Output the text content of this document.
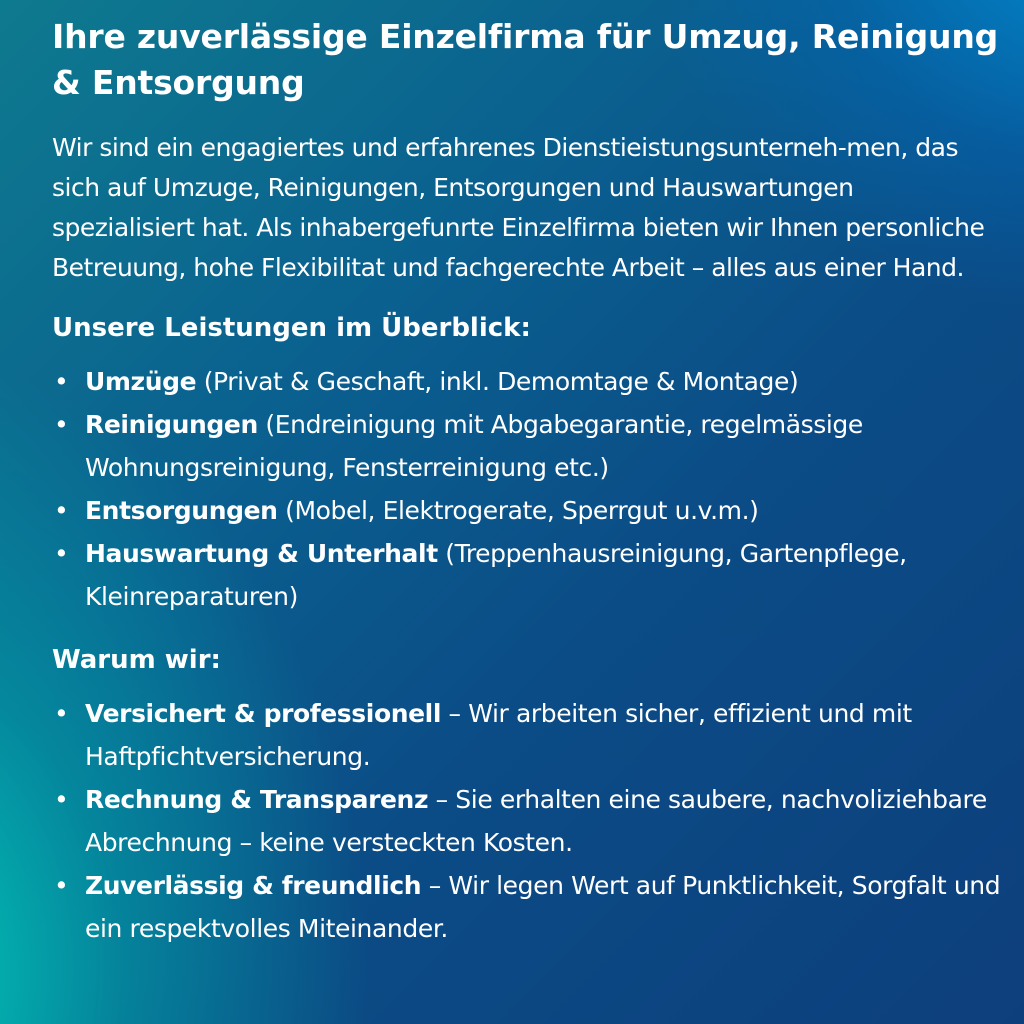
Ihre zuverlässige Einzelfirma für Umzug, Reinigung & Entsorgung

Wir sind ein engagiertes und erfahrenes Dienstieistungsunterneh-men, das sich auf Umzuge, Reinigungen, Entsorgungen und Hauswartungen spezialisiert hat. Als inhabergefunrte Einzelfirma bieten wir Ihnen personliche Betreuung, hohe Flexibilitat und fachgerechte Arbeit – alles aus einer Hand.

Unsere Leistungen im Überblick:
• Umzüge (Privat & Geschaft, inkl. Demomtage & Montage)
• Reinigungen (Endreinigung mit Abgabegarantie, regelmässige Wohnungsreinigung, Fensterreinigung etc.)
• Entsorgungen (Mobel, Elektrogerate, Sperrgut u.v.m.)
• Hauswartung & Unterhalt (Treppenhausreinigung, Gartenpflege, Kleinreparaturen)
Warum wir:
• Versichert & professionell – Wir arbeiten sicher, effizient und mit Haftpfichtversicherung.
• Rechnung & Transparenz – Sie erhalten eine saubere, nachvoliziehbare Abrechnung – keine versteckten Kosten.
• Zuverlässig & freundlich – Wir legen Wert auf Punktlichkeit, Sorgfalt und ein respektvolles Miteinander.
